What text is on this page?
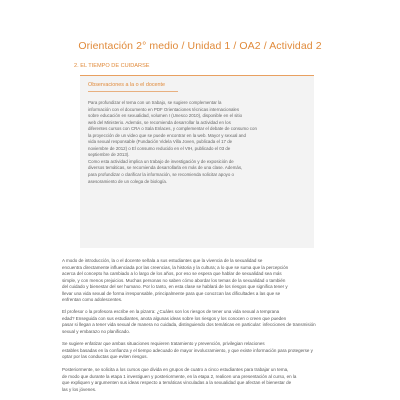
Orientación 2° medio / Unidad 1 / OA2 / Actividad 2
2. EL TIEMPO DE CUIDARSE
Observaciones a la o el docente
Para profundizar el tema con un trabajo, se sugiere complementar la
información con el documento en PDF Orientaciones técnicas internacionales
sobre educación en sexualidad, volumen I (Unesco 2010), disponible en el sitio
web del Ministerio. Además, se recomienda desarrollar la actividad en los
diferentes cursos con CRA o Sala Enlaces, y complementar el debate de consumo con
la proyección de un video que se puede encontrar en la web. Mayor y sexual and
vida sexual responsable (Fundación Videla Villa Joven, publicada el 17 de
noviembre de 2012) o El consumo reducido en el VIH, publicado el 03 de
septiembre de 2013).
Como esta actividad implica un trabajo de investigación y de exposición de
diversos temáticas, se recomienda desarrollarla en más de una clase. Además,
para profundizar o clarificar la información, se recomienda solicitar apoyo o
asesoramiento de un colega de biología.
A modo de introducción, la o el docente señala a sus estudiantes que la vivencia de la sexualidad se
encuentra directamente influenciada por las creencias, la historia y la cultura; a lo que se suma que la percepción
acerca del concepto ha cambiado a lo largo de los años, por eso se espera que hablar de sexualidad sea más
simple, y con menos prejuicios. Muchas personas no saben cómo abordar los temas de la sexualidad o también
del cuidado y bienestar del ser humano. Por lo tanto, en esta clase se hablará de los riesgos que significa tener y
llevar una vida sexual de forma irresponsable, principalmente para que conozcan las dificultades a las que se
enfrentan como adolescentes.
El profesor o la profesora escribe en la pizarra: ¿Cuáles son los riesgos de tener una vida sexual a temprana
edad? Enseguida con sus estudiantes, anota algunas ideas sobre los riesgos y los conocen o creen que pueden
pasar si llegan a tener vida sexual de manera no cuidada, distinguiendo dos temáticas en particular: infecciones de transmisión
sexual y embarazo no planificado.
Se sugiere enfatizar que ambas situaciones requieren tratamiento y prevención, privilegian relaciones
estables basadas en la confianza y el tiempo adecuado de mayor involucramiento, y que existe información para protegerse y
optar por las conductas que eviten riesgos.
Posteriormente, se solicita a los cursos que divida en grupos de cuatro a cinco estudiantes para trabajar un tema,
de modo que durante la etapa 1 investiguen y posteriormente, en la etapa 2, realicen una presentación al curso, en la
que expliquen y argumenten sus ideas respecto a temáticas vinculadas a la sexualidad que afectan el bienestar de
las y los jóvenes.
